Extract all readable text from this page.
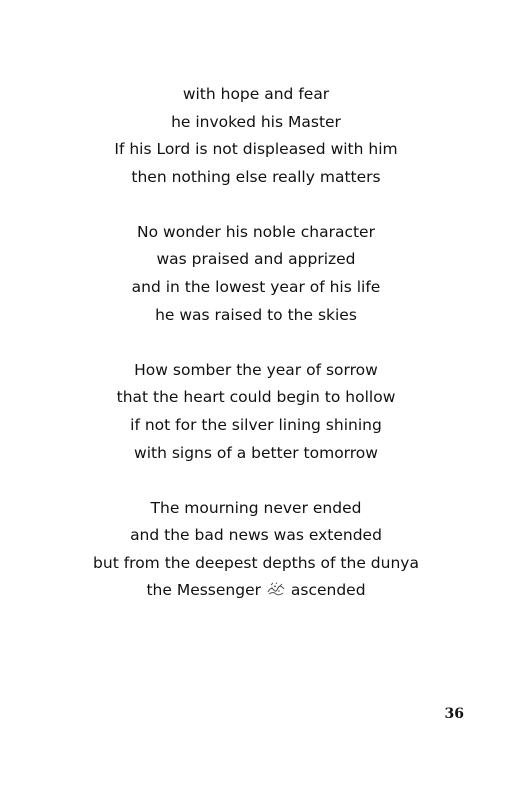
with hope and fear
he invoked his Master
If his Lord is not displeased with him
then nothing else really matters
No wonder his noble character
was praised and apprized
and in the lowest year of his life
he was raised to the skies
How somber the year of sorrow
that the heart could begin to hollow
if not for the silver lining shining
with signs of a better tomorrow
The mourning never ended
and the bad news was extended
but from the deepest depths of the dunya
the Messenger ascended
36
